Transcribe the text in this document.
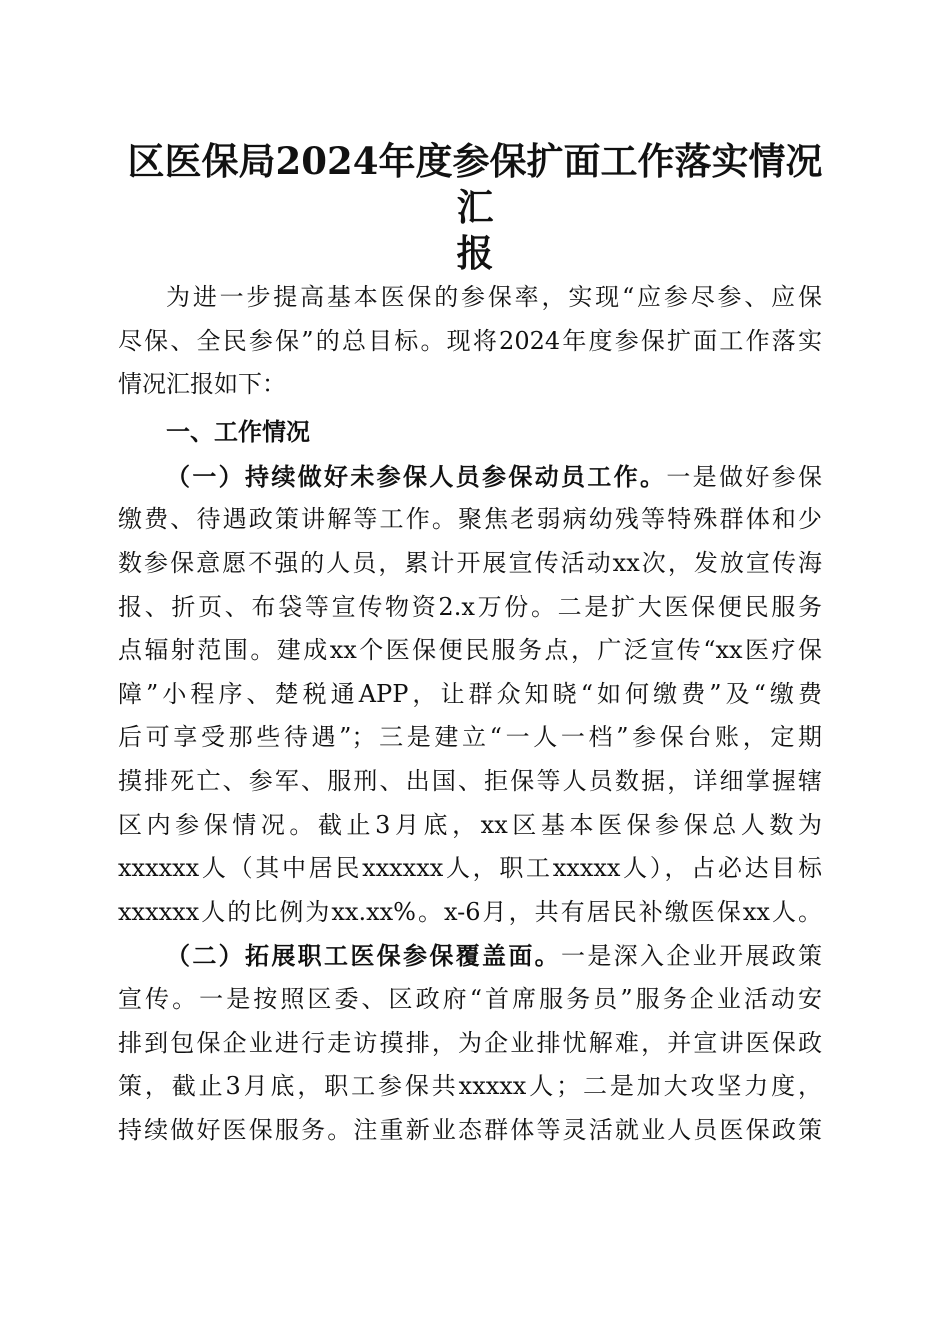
区医保局2024年度参保扩面工作落实情况汇
报
为进一步提高基本医保的参保率，实现“应参尽参、应保
尽保、全民参保”的总目标。现将2024年度参保扩面工作落实
情况汇报如下：
一、工作情况
（一）持续做好未参保人员参保动员工作。一是做好参保
缴费、待遇政策讲解等工作。聚焦老弱病幼残等特殊群体和少
数参保意愿不强的人员，累计开展宣传活动xx次，发放宣传海
报、折页、布袋等宣传物资2.x万份。二是扩大医保便民服务
点辐射范围。建成xx个医保便民服务点，广泛宣传“xx医疗保
障”小程序、楚税通APP，让群众知晓“如何缴费”及“缴费
后可享受那些待遇”；三是建立“一人一档”参保台账，定期
摸排死亡、参军、服刑、出国、拒保等人员数据，详细掌握辖
区内参保情况。截止3月底，xx区基本医保参保总人数为
xxxxxx人（其中居民xxxxxx人，职工xxxxx人），占必达目标
xxxxxx人的比例为xx.xx%。x-6月，共有居民补缴医保xx人。
（二）拓展职工医保参保覆盖面。一是深入企业开展政策
宣传。一是按照区委、区政府“首席服务员”服务企业活动安
排到包保企业进行走访摸排，为企业排忧解难，并宣讲医保政
策，截止3月底，职工参保共xxxxx人；二是加大攻坚力度，
持续做好医保服务。注重新业态群体等灵活就业人员医保政策
